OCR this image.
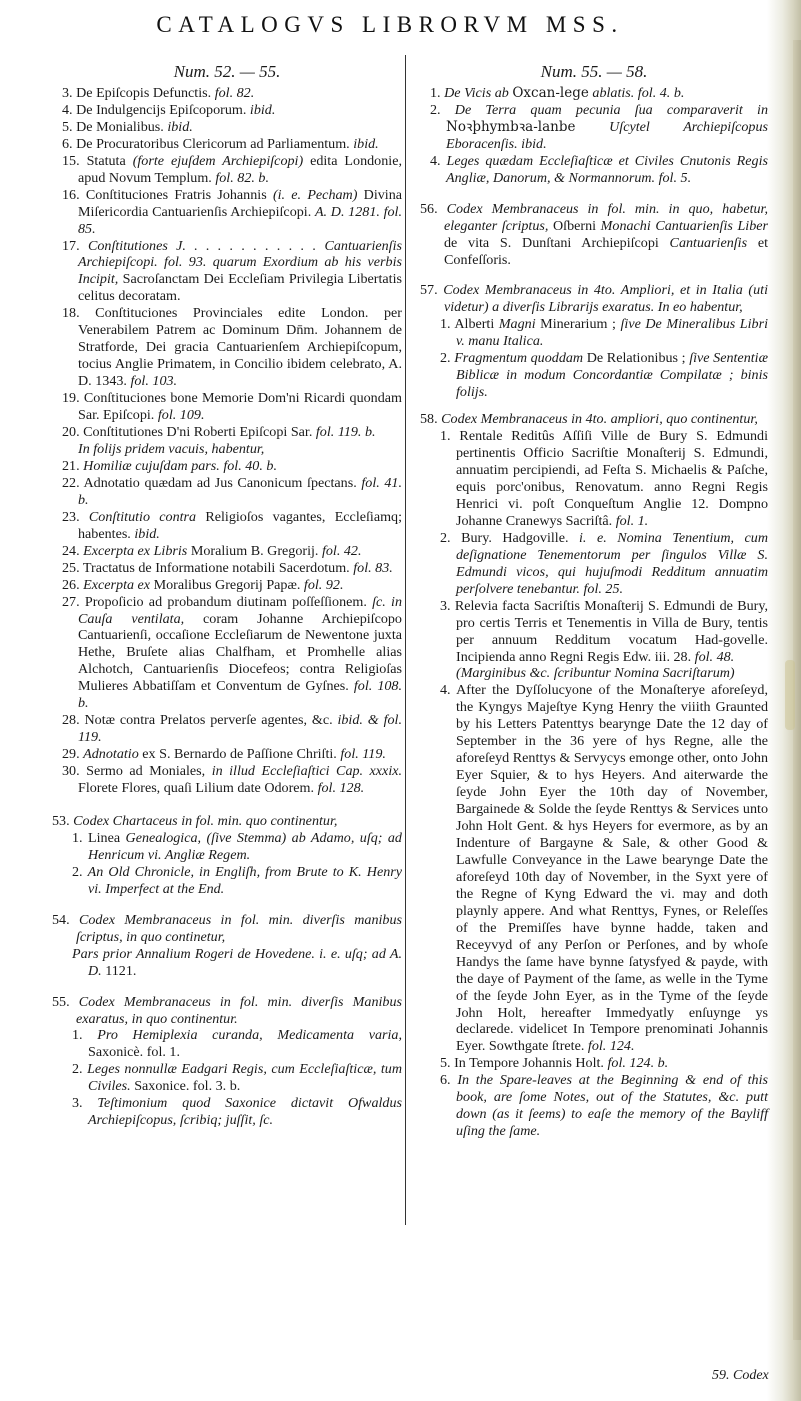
CATALOGVS LIBRORVM MSS.
Num. 52. — 55.

3. De Epiſcopis Defunctis. fol. 82.

4. De Indulgencijs Epiſcoporum. ibid.

5. De Monialibus. ibid.

6. De Procuratoribus Clericorum ad Parliamentum. ibid.

15. Statuta (forte ejuſdem Archiepiſcopi) edita Londonie, apud Novum Templum. fol. 82. b.

16. Conſtituciones Fratris Johannis (i. e. Pecham) Divina Miſericordia Cantuarienſis Archiepiſcopi. A. D. 1281. fol. 85.

17. Conſtitutiones J. . . . . . . . . . . . Cantuarienſis Archiepiſcopi. fol. 93. quarum Exordium ab his verbis Incipit, Sacroſanctam Dei Eccleſiam Privilegia Libertatis celitus decoratam.

18. Conſtituciones Provinciales edite London. per Venerabilem Patrem ac Dominum Dn̄m. Johannem de Stratforde, Dei gracia Cantuarienſem Archiepiſcopum, tocius Anglie Primatem, in Concilio ibidem celebrato, A. D. 1343. fol. 103.

19. Conſtituciones bone Memorie Dom'ni Ricardi quondam Sar. Epiſcopi. fol. 109.

20. Conſtitutiones D'ni Roberti Epiſcopi Sar. fol. 119. b.
In folijs pridem vacuis, habentur,

21. Homiliæ cujuſdam pars. fol. 40. b.

22. Adnotatio quædam ad Jus Canonicum ſpectans. fol. 41. b.

23. Conſtitutio contra Religioſos vagantes, Eccleſiamq; habentes. ibid.

24. Excerpta ex Libris Moralium B. Gregorij. fol. 42.

25. Tractatus de Informatione notabili Sacerdotum. fol. 83.

26. Excerpta ex Moralibus Gregorij Papæ. fol. 92.

27. Propoſicio ad probandum diutinam poſſeſſionem. ſc. in Cauſa ventilata, coram Johanne Archiepiſcopo Cantuarienſi, occaſione Eccleſiarum de Newentone juxta Hethe, Bruſete alias Chalfham, et Promhelle alias Alchotch, Cantuarienſis Diocefeos; contra Religioſas Mulieres Abbatiſſam et Conventum de Gyſnes. fol. 108. b.

28. Notæ contra Prelatos perverſe agentes, &c. ibid. & fol. 119.

29. Adnotatio ex S. Bernardo de Paſſione Chriſti. fol. 119.

30. Sermo ad Moniales, in illud Eccleſiaſtici Cap. xxxix. Florete Flores, quaſi Lilium date Odorem. fol. 128.

53. Codex Chartaceus in fol. min. quo continentur,

1. Linea Genealogica, (ſive Stemma) ab Adamo, uſq; ad Henricum vi. Angliæ Regem.

2. An Old Chronicle, in Engliſh, from Brute to K. Henry vi. Imperfect at the End.

54. Codex Membranaceus in fol. min. diverſis manibus ſcriptus, in quo continetur,

Pars prior Annalium Rogeri de Hovedene. i. e. uſq; ad A. D. 1121.

55. Codex Membranaceus in fol. min. diverſis Manibus exaratus, in quo continentur.

1. Pro Hemiplexia curanda, Medicamenta varia, Saxonicè. fol. 1.

2. Leges nonnullæ Eadgari Regis, cum Eccleſiaſticæ, tum Civiles. Saxonice. fol. 3. b.

3. Teſtimonium quod Saxonice dictavit Ofwaldus Archiepiſcopus, ſcribiq; juſſit, ſc.

Num. 55. — 58.

1. De Vicis ab Oxcan-lege ablatis. fol. 4. b.

2. De Terra quam pecunia ſua comparaverit in Noꝛþhymbꝛa-lanbe Uſcytel Archiepiſcopus Eboracenſis. ibid.

4. Leges quædam Eccleſiaſticæ et Civiles Cnutonis Regis Angliæ, Danorum, & Normannorum. fol. 5.

56. Codex Membranaceus in fol. min. in quo, habetur, eleganter ſcriptus, Oſberni Monachi Cantuarienſis Liber de vita S. Dunſtani Archiepiſcopi Cantuarienſis et Confeſſoris.

57. Codex Membranaceus in 4to. Ampliori, et in Italia (uti videtur) a diverſis Librarijs exaratus. In eo habentur,

1. Alberti Magni Minerarium ; ſive De Mineralibus Libri v. manu Italica.

2. Fragmentum quoddam De Relationibus ; ſive Sententiæ Biblicæ in modum Concordantiæ Compilatæ ; binis folijs.

58. Codex Membranaceus in 4to. ampliori, quo continentur,

1. Rentale Reditûs Aſſiſi Ville de Bury S. Edmundi pertinentis Officio Sacriſtie Monaſterij S. Edmundi, annuatim percipiendi, ad Feſta S. Michaelis & Paſche, equis porc'onibus, Renovatum. anno Regni Regis Henrici vi. poſt Conqueſtum Anglie 12. Dompno Johanne Cranewys Sacriſtâ. fol. 1.

2. Bury. Hadgoville. i. e. Nomina Tenentium, cum deſignatione Tenementorum per ſingulos Villæ S. Edmundi vicos, qui hujuſmodi Redditum annuatim perſolvere tenebantur. fol. 25.

3. Relevia facta Sacriſtis Monaſterij S. Edmundi de Bury, pro certis Terris et Tenementis in Villa de Bury, tentis per annuum Redditum vocatum Had-govelle. Incipienda anno Regni Regis Edw. iii. 28. fol. 48.
(Marginibus &c. ſcribuntur Nomina Sacriſtarum)

4. After the Dyſſolucyone of the Monaſterye aforeſeyd, the Kyngys Majeſtye Kyng Henry the viiith Graunted by his Letters Patenttys bearynge Date the 12 day of September in the 36 yere of hys Regne, alle the aforeſeyd Renttys & Servycys emonge other, onto John Eyer Squier, & to hys Heyers. And aiterwarde the ſeyde John Eyer the 10th day of November, Bargainede & Solde the ſeyde Renttys & Services unto John Holt Gent. & hys Heyers for evermore, as by an Indenture of Bargayne & Sale, & other Good & Lawfulle Conveyance in the Lawe bearynge Date the aforeſeyd 10th day of November, in the Syxt yere of the Regne of Kyng Edward the vi. may and doth playnly appere. And what Renttys, Fynes, or Releſſes of the Premiſſes have bynne hadde, taken and Receyvyd of any Perſon or Perſones, and by whoſe Handys the ſame have bynne ſatysfyed & payde, with the daye of Payment of the ſame, as welle in the Tyme of the ſeyde John Eyer, as in the Tyme of the ſeyde John Holt, hereafter Immedyatly enſuynge ys declarede. videlicet In Tempore prenominati Johannis Eyer. Sowthgate ſtrete. fol. 124.

5. In Tempore Johannis Holt. fol. 124. b.

6. In the Spare-leaves at the Beginning & end of this book, are ſome Notes, out of the Statutes, &c. putt down (as it ſeems) to eaſe the memory of the Bayliff uſing the ſame.

59. Codex
